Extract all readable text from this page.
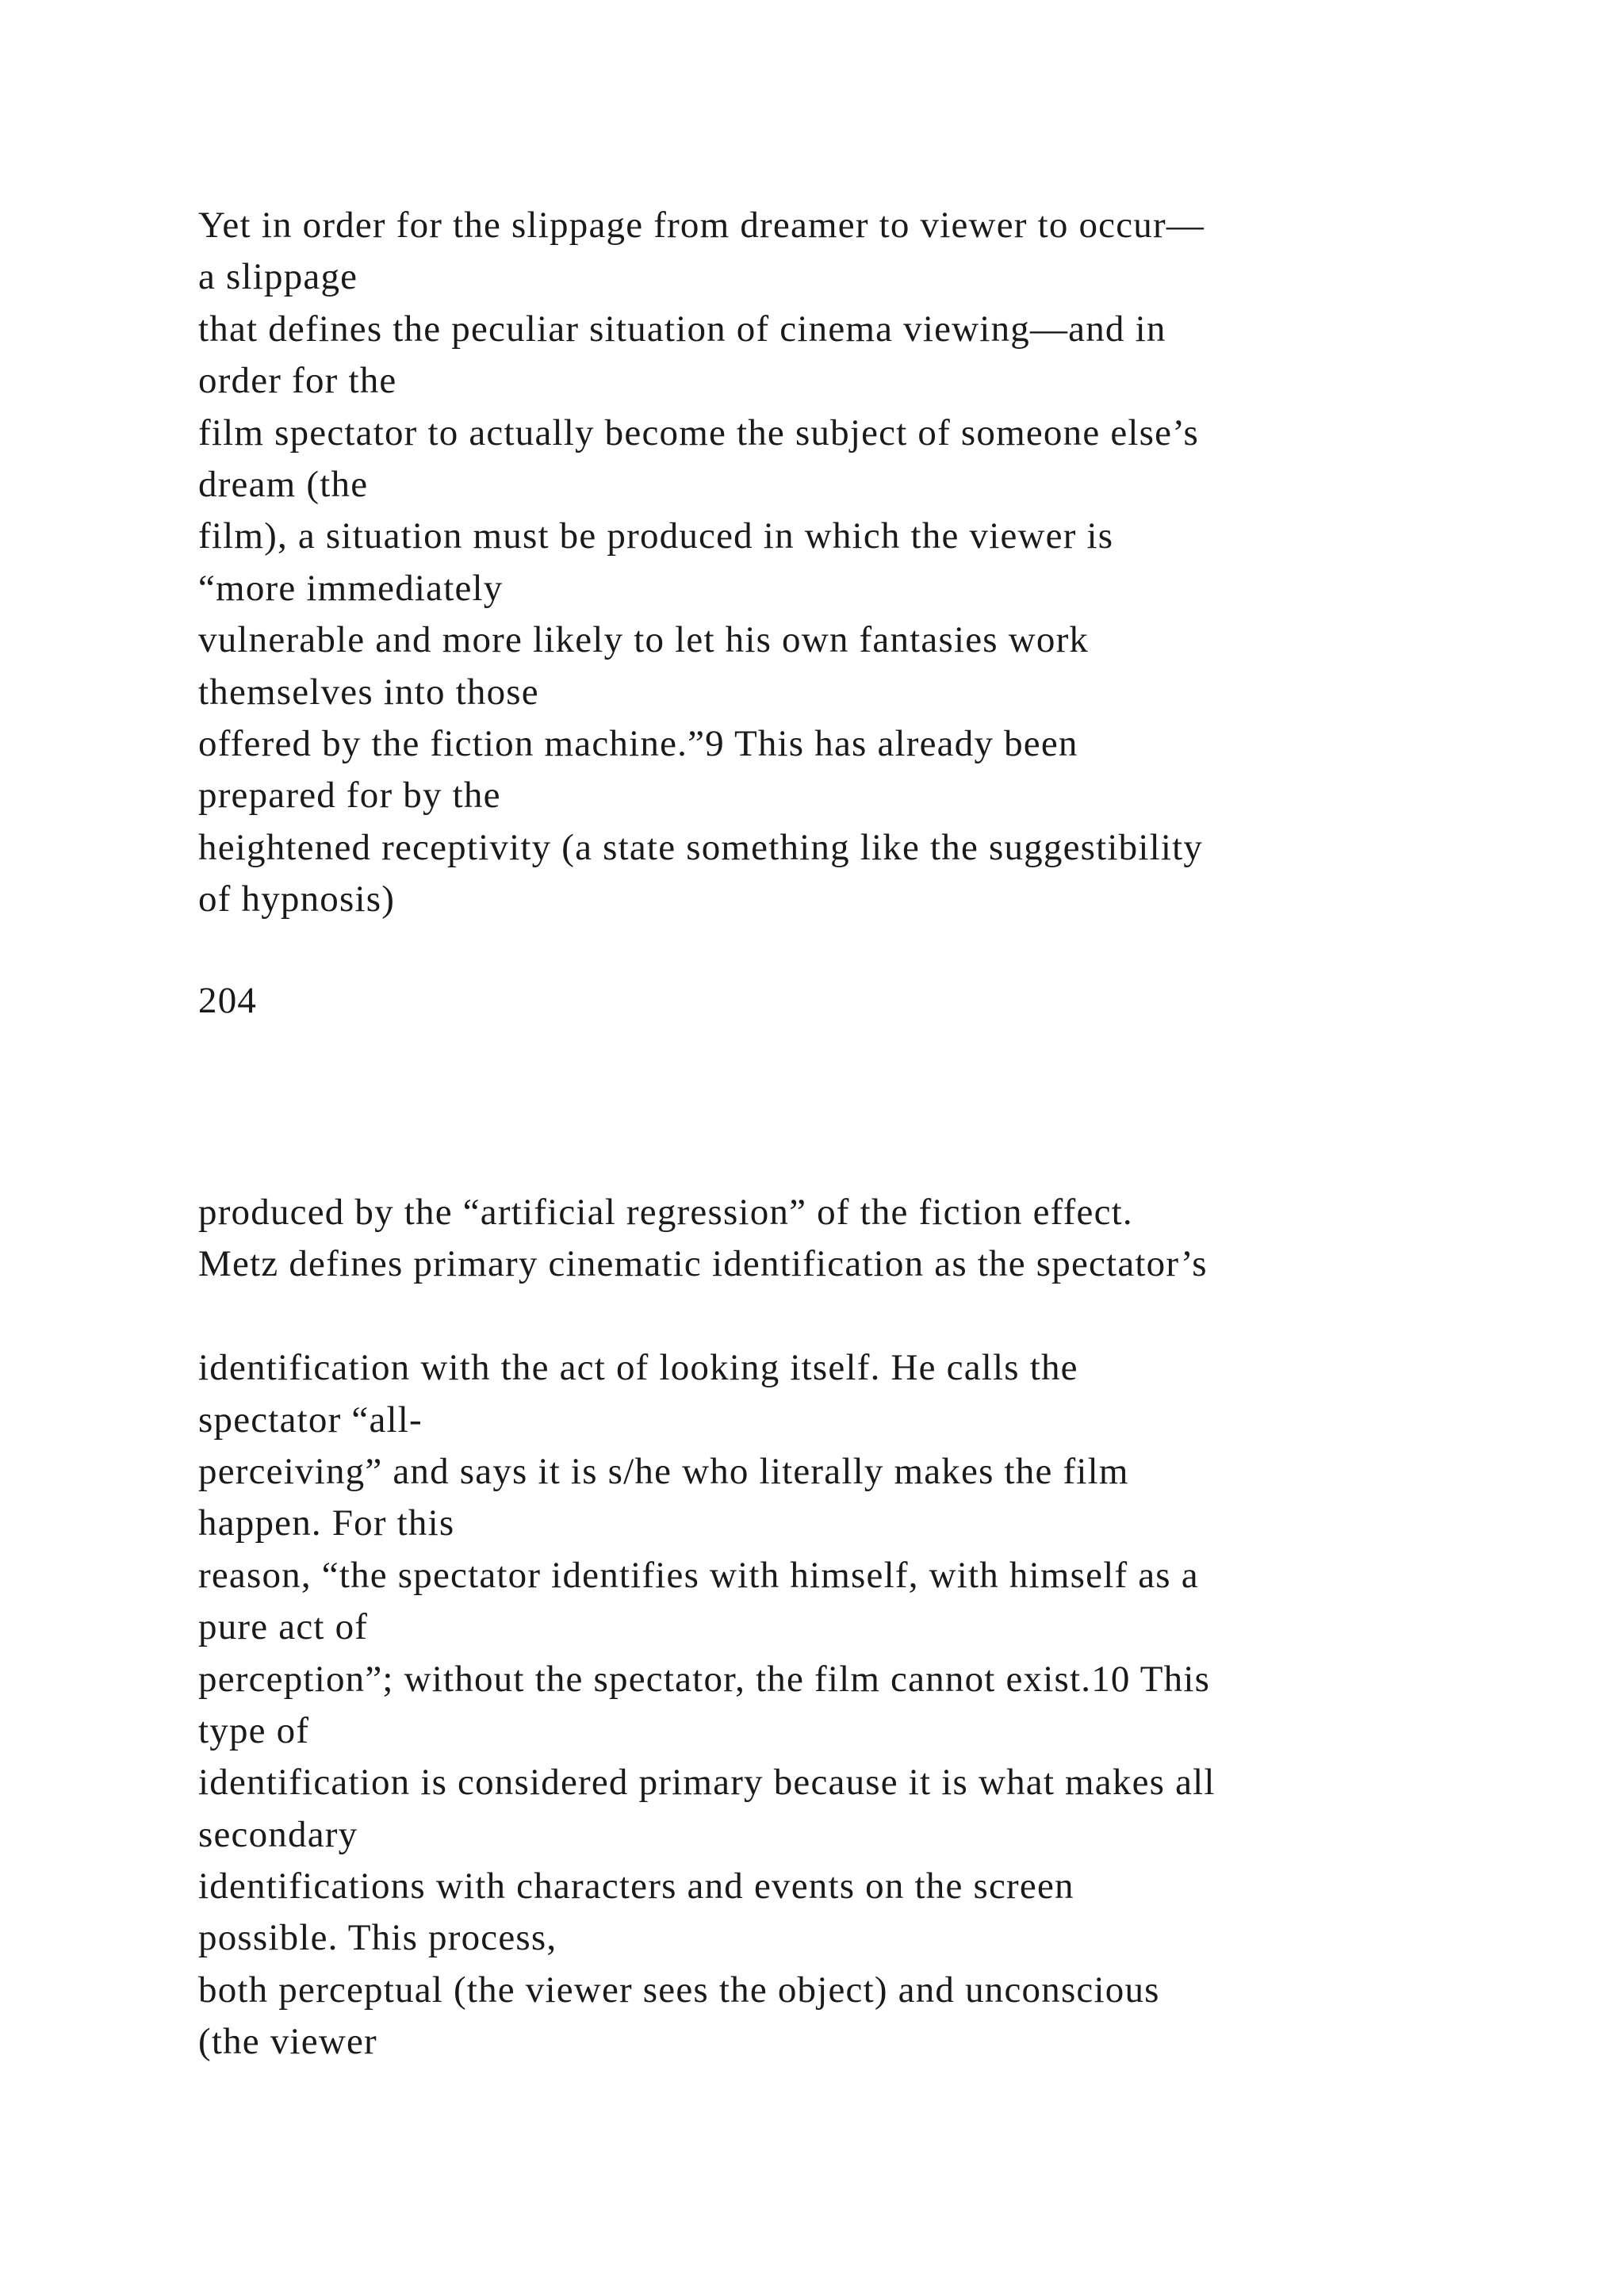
Yet in order for the slippage from dreamer to viewer to occur—
a slippage
that defines the peculiar situation of cinema viewing—and in
order for the
film spectator to actually become the subject of someone else’s
dream (the
film), a situation must be produced in which the viewer is
“more immediately
vulnerable and more likely to let his own fantasies work
themselves into those
offered by the fiction machine.”9 This has already been
prepared for by the
heightened receptivity (a state something like the suggestibility
of hypnosis)
204
produced by the “artificial regression” of the fiction effect.
Metz defines primary cinematic identification as the spectator’s
identification with the act of looking itself. He calls the
spectator “all-
perceiving” and says it is s/he who literally makes the film
happen. For this
reason, “the spectator identifies with himself, with himself as a
pure act of
perception”; without the spectator, the film cannot exist.10 This
type of
identification is considered primary because it is what makes all
secondary
identifications with characters and events on the screen
possible. This process,
both perceptual (the viewer sees the object) and unconscious
(the viewer
